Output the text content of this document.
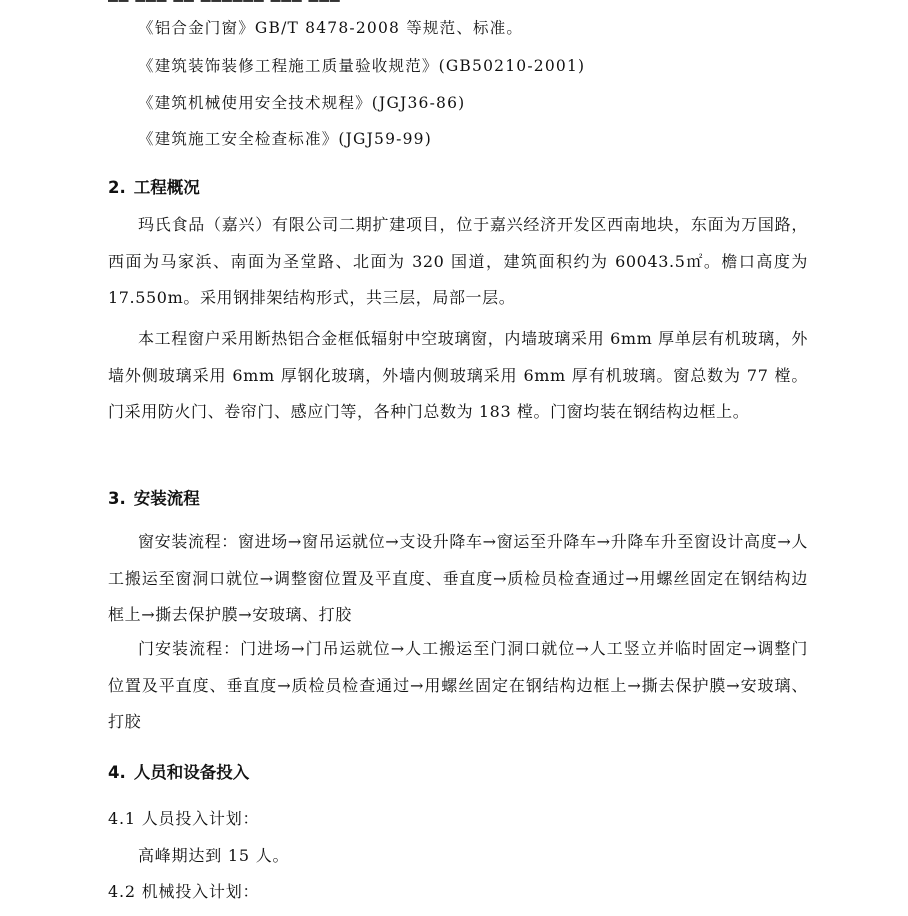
《铝合金门窗》GB/T 8478-2008 等规范、标准。
《建筑装饰装修工程施工质量验收规范》(GB50210-2001)
《建筑机械使用安全技术规程》(JGJ36-86)
《建筑施工安全检查标准》(JGJ59-99)
2. 工程概况
玛氏食品（嘉兴）有限公司二期扩建项目，位于嘉兴经济开发区西南地块，东面为万国路，西面为马家浜、南面为圣堂路、北面为 320 国道，建筑面积约为 60043.5㎡。檐口高度为 17.550m。采用钢排架结构形式，共三层，局部一层。
本工程窗户采用断热铝合金框低辐射中空玻璃窗，内墙玻璃采用 6mm 厚单层有机玻璃，外墙外侧玻璃采用 6mm 厚钢化玻璃，外墙内侧玻璃采用 6mm 厚有机玻璃。窗总数为 77 樘。门采用防火门、卷帘门、感应门等，各种门总数为 183 樘。门窗均装在钢结构边框上。
3. 安装流程
窗安装流程：窗进场→窗吊运就位→支设升降车→窗运至升降车→升降车升至窗设计高度→人工搬运至窗洞口就位→调整窗位置及平直度、垂直度→质检员检查通过→用螺丝固定在钢结构边框上→撕去保护膜→安玻璃、打胶
门安装流程：门进场→门吊运就位→人工搬运至门洞口就位→人工竖立并临时固定→调整门位置及平直度、垂直度→质检员检查通过→用螺丝固定在钢结构边框上→撕去保护膜→安玻璃、打胶
4. 人员和设备投入
4.1 人员投入计划：
高峰期达到 15 人。
4.2 机械投入计划：
